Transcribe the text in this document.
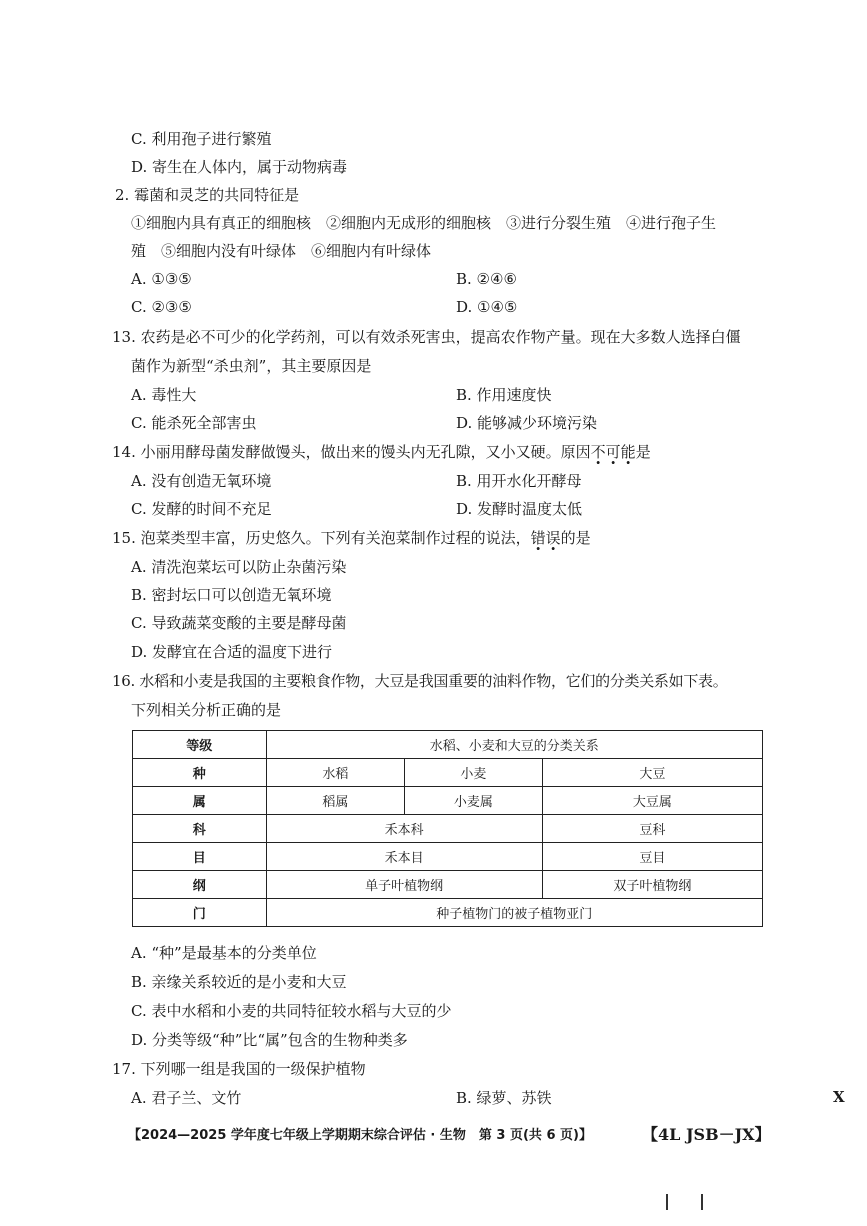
C. 利用孢子进行繁殖
D. 寄生在人体内，属于动物病毒
2. 霉菌和灵芝的共同特征是
①细胞内具有真正的细胞核　②细胞内无成形的细胞核　③进行分裂生殖　④进行孢子生
殖　⑤细胞内没有叶绿体　⑥细胞内有叶绿体
A. ①③⑤	B. ②④⑥
C. ②③⑤	D. ①④⑤
13. 农药是必不可少的化学药剂，可以有效杀死害虫，提高农作物产量。现在大多数人选择白僵
菌作为新型“杀虫剂”，其主要原因是
A. 毒性大	B. 作用速度快
C. 能杀死全部害虫	D. 能够减少环境污染
14. 小丽用酵母菌发酵做馒头，做出来的馒头内无孔隙，又小又硬。原因不可能是
A. 没有创造无氧环境	B. 用开水化开酵母
C. 发酵的时间不充足	D. 发酵时温度太低
15. 泡菜类型丰富，历史悠久。下列有关泡菜制作过程的说法，错误的是
A. 清洗泡菜坛可以防止杂菌污染
B. 密封坛口可以创造无氧环境
C. 导致蔬菜变酸的主要是酵母菌
D. 发酵宜在合适的温度下进行
16. 水稻和小麦是我国的主要粮食作物，大豆是我国重要的油料作物，它们的分类关系如下表。
下列相关分析正确的是
等级	水稻、小麦和大豆的分类关系		
种	水稻	小麦	大豆
属	稻属	小麦属	大豆属
科	禾本科		豆科
目	禾本目		豆目
纲	单子叶植物纲		双子叶植物纲
门	种子植物门的被子植物亚门		
A. “种”是最基本的分类单位
B. 亲缘关系较近的是小麦和大豆
C. 表中水稻和小麦的共同特征较水稻与大豆的少
D. 分类等级“种”比“属”包含的生物种类多
17. 下列哪一组是我国的一级保护植物
A. 君子兰、文竹	B. 绿萝、苏铁	X
【2024—2025 学年度七年级上学期期末综合评估 · 生物　第 3 页(共 6 页)】	【4L JSB－JX】
